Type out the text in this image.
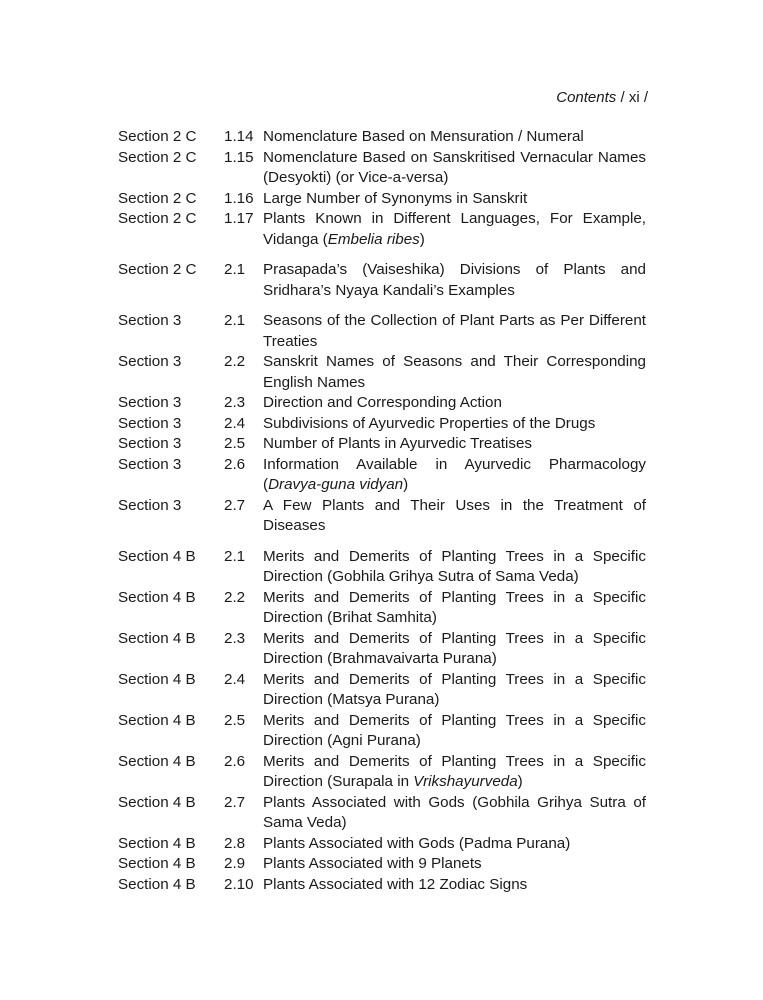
Contents / xi /
Section 2 C	1.14 Nomenclature Based on Mensuration / Numeral
Section 2 C	1.15 Nomenclature Based on Sanskritised Vernacular Names (Desyokti) (or Vice-a-versa)
Section 2 C	1.16 Large Number of Synonyms in Sanskrit
Section 2 C	1.17 Plants Known in Different Languages, For Example, Vidanga (Embelia ribes)
Section 2 C	2.1	Prasapada’s (Vaiseshika) Divisions of Plants and Sridhara’s Nyaya Kandali’s Examples
Section 3	2.1	Seasons of the Collection of Plant Parts as Per Different Treaties
Section 3	2.2	Sanskrit Names of Seasons and Their Corresponding English Names
Section 3	2.3	Direction and Corresponding Action
Section 3	2.4	Subdivisions of Ayurvedic Properties of the Drugs
Section 3	2.5	Number of Plants in Ayurvedic Treatises
Section 3	2.6	Information Available in Ayurvedic Pharmacology (Dravya-guna vidyan)
Section 3	2.7	A Few Plants and Their Uses in the Treatment of Diseases
Section 4 B	2.1	Merits and Demerits of Planting Trees in a Specific Direction (Gobhila Grihya Sutra of Sama Veda)
Section 4 B	2.2	Merits and Demerits of Planting Trees in a Specific Direction (Brihat Samhita)
Section 4 B	2.3	Merits and Demerits of Planting Trees in a Specific Direction (Brahmavaivarta Purana)
Section 4 B	2.4	Merits and Demerits of Planting Trees in a Specific Direction (Matsya Purana)
Section 4 B	2.5	Merits and Demerits of Planting Trees in a Specific Direction (Agni Purana)
Section 4 B	2.6	Merits and Demerits of Planting Trees in a Specific Direction (Surapala in Vrikshayurveda)
Section 4 B	2.7	Plants Associated with Gods (Gobhila Grihya Sutra of Sama Veda)
Section 4 B	2.8	Plants Associated with Gods (Padma Purana)
Section 4 B	2.9	Plants Associated with 9 Planets
Section 4 B	2.10 Plants Associated with 12 Zodiac Signs
